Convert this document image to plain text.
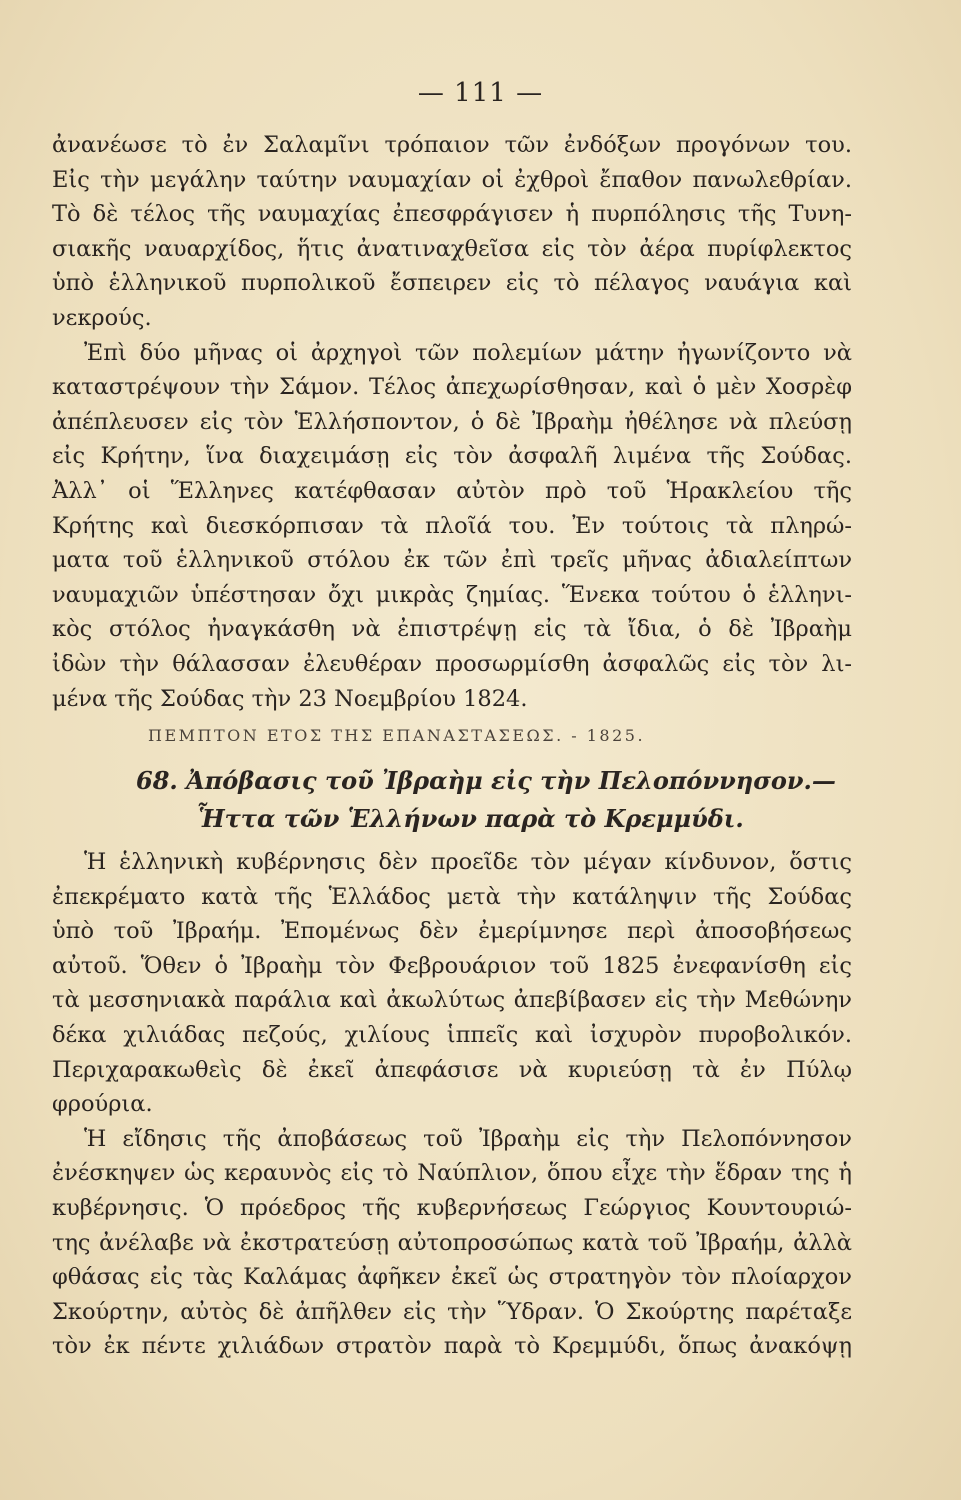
— 111 —
ἀνανέωσε τὸ ἐν Σαλαμῖνι τρόπαιον τῶν ἐνδόξων προγόνων του.
Εἰς τὴν μεγάλην ταύτην ναυμαχίαν οἱ ἐχθροὶ ἔπαθον πανωλεθρίαν.
Τὸ δὲ τέλος τῆς ναυμαχίας ἐπεσφράγισεν ἡ πυρπόλησις τῆς Τυνη-
σιακῆς ναυαρχίδος, ἥτις ἀνατιναχθεῖσα εἰς τὸν ἀέρα πυρίφλεκτος
ὑπὸ ἑλληνικοῦ πυρπολικοῦ ἔσπειρεν εἰς τὸ πέλαγος ναυάγια καὶ
νεκρούς.
Ἐπὶ δύο μῆνας οἱ ἀρχηγοὶ τῶν πολεμίων μάτην ἠγωνίζοντο νὰ
καταστρέψουν τὴν Σάμον. Τέλος ἀπεχωρίσθησαν, καὶ ὁ μὲν Χοσρὲφ
ἀπέπλευσεν εἰς τὸν Ἑλλήσποντον, ὁ δὲ Ἰβραὴμ ἠθέλησε νὰ πλεύσῃ
εἰς Κρήτην, ἵνα διαχειμάσῃ εἰς τὸν ἀσφαλῆ λιμένα τῆς Σούδας.
Ἀλλ᾽ οἱ Ἕλληνες κατέφθασαν αὐτὸν πρὸ τοῦ Ἡρακλείου τῆς
Κρήτης καὶ διεσκόρπισαν τὰ πλοῖά του. Ἐν τούτοις τὰ πληρώ-
ματα τοῦ ἑλληνικοῦ στόλου ἐκ τῶν ἐπὶ τρεῖς μῆνας ἀδιαλείπτων
ναυμαχιῶν ὑπέστησαν ὄχι μικρὰς ζημίας. Ἕνεκα τούτου ὁ ἑλληνι-
κὸς στόλος ἠναγκάσθη νὰ ἐπιστρέψῃ εἰς τὰ ἴδια, ὁ δὲ Ἰβραὴμ
ἰδὼν τὴν θάλασσαν ἐλευθέραν προσωρμίσθη ἀσφαλῶς εἰς τὸν λι-
μένα τῆς Σούδας τὴν 23 Νοεμβρίου 1824.
ΠΕΜΠΤΟΝ ΕΤΟΣ ΤΗΣ ΕΠΑΝΑΣΤΑΣΕΩΣ. - 1825.
68. Ἀπόβασις τοῦ Ἰβραὴμ εἰς τὴν Πελοπόννησον.—
Ἧττα τῶν Ἑλλήνων παρὰ τὸ Κρεμμύδι.
Ἡ ἑλληνικὴ κυβέρνησις δὲν προεῖδε τὸν μέγαν κίνδυνον, ὅστις
ἐπεκρέματο κατὰ τῆς Ἑλλάδος μετὰ τὴν κατάληψιν τῆς Σούδας
ὑπὸ τοῦ Ἰβραήμ. Ἐπομένως δὲν ἐμερίμνησε περὶ ἀποσοβήσεως
αὐτοῦ. Ὅθεν ὁ Ἰβραὴμ τὸν Φεβρουάριον τοῦ 1825 ἐνεφανίσθη εἰς
τὰ μεσσηνιακὰ παράλια καὶ ἀκωλύτως ἀπεβίβασεν εἰς τὴν Μεθώνην
δέκα χιλιάδας πεζούς, χιλίους ἱππεῖς καὶ ἰσχυρὸν πυροβολικόν.
Περιχαρακωθεὶς δὲ ἐκεῖ ἀπεφάσισε νὰ κυριεύσῃ τὰ ἐν Πύλῳ
φρούρια.
Ἡ εἴδησις τῆς ἀποβάσεως τοῦ Ἰβραὴμ εἰς τὴν Πελοπόννησον
ἐνέσκηψεν ὡς κεραυνὸς εἰς τὸ Ναύπλιον, ὅπου εἶχε τὴν ἕδραν της ἡ
κυβέρνησις. Ὁ πρόεδρος τῆς κυβερνήσεως Γεώργιος Κουντουριώ-
της ἀνέλαβε νὰ ἐκστρατεύσῃ αὐτοπροσώπως κατὰ τοῦ Ἰβραήμ, ἀλλὰ
φθάσας εἰς τὰς Καλάμας ἀφῆκεν ἐκεῖ ὡς στρατηγὸν τὸν πλοίαρχον
Σκούρτην, αὐτὸς δὲ ἀπῆλθεν εἰς τὴν Ὕδραν. Ὁ Σκούρτης παρέταξε
τὸν ἐκ πέντε χιλιάδων στρατὸν παρὰ τὸ Κρεμμύδι, ὅπως ἀνακόψῃ
